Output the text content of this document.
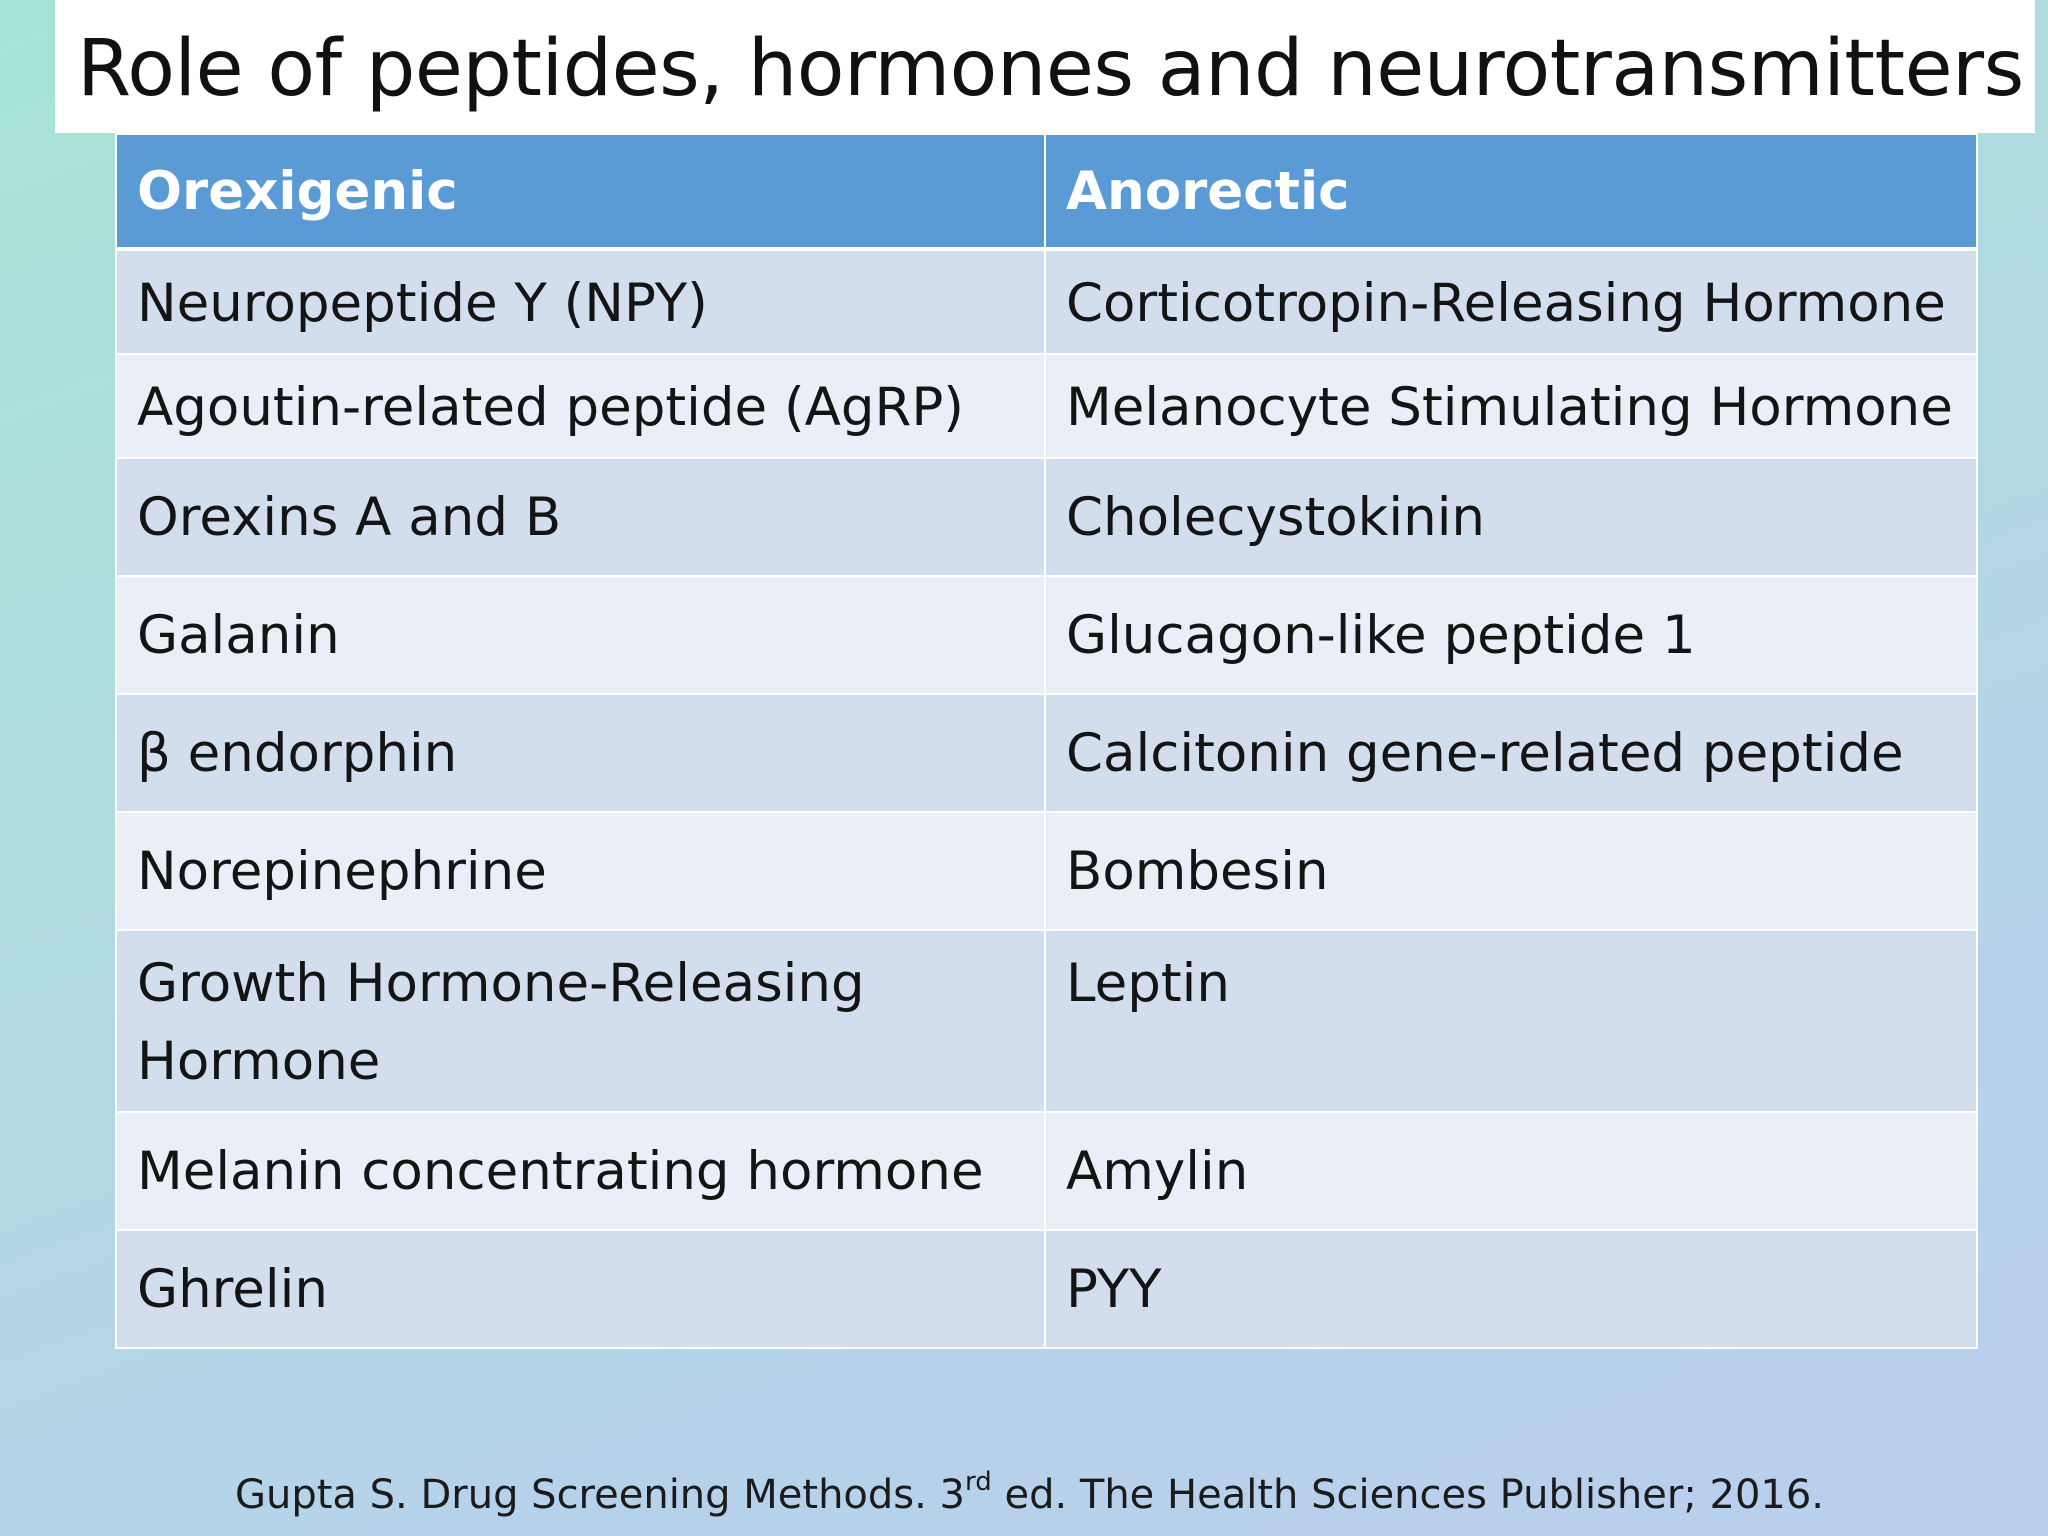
Role of peptides, hormones and neurotransmitters
Orexigenic	Anorectic
Neuropeptide Y (NPY)	Corticotropin-Releasing Hormone
Agoutin-related peptide (AgRP)	Melanocyte Stimulating Hormone
Orexins A and B	Cholecystokinin
Galanin	Glucagon-like peptide 1
β endorphin	Calcitonin gene-related peptide
Norepinephrine	Bombesin
Growth Hormone-Releasing Hormone	Leptin
Melanin concentrating hormone	Amylin
Ghrelin	PYY
Gupta S. Drug Screening Methods. 3rd ed. The Health Sciences Publisher; 2016.
